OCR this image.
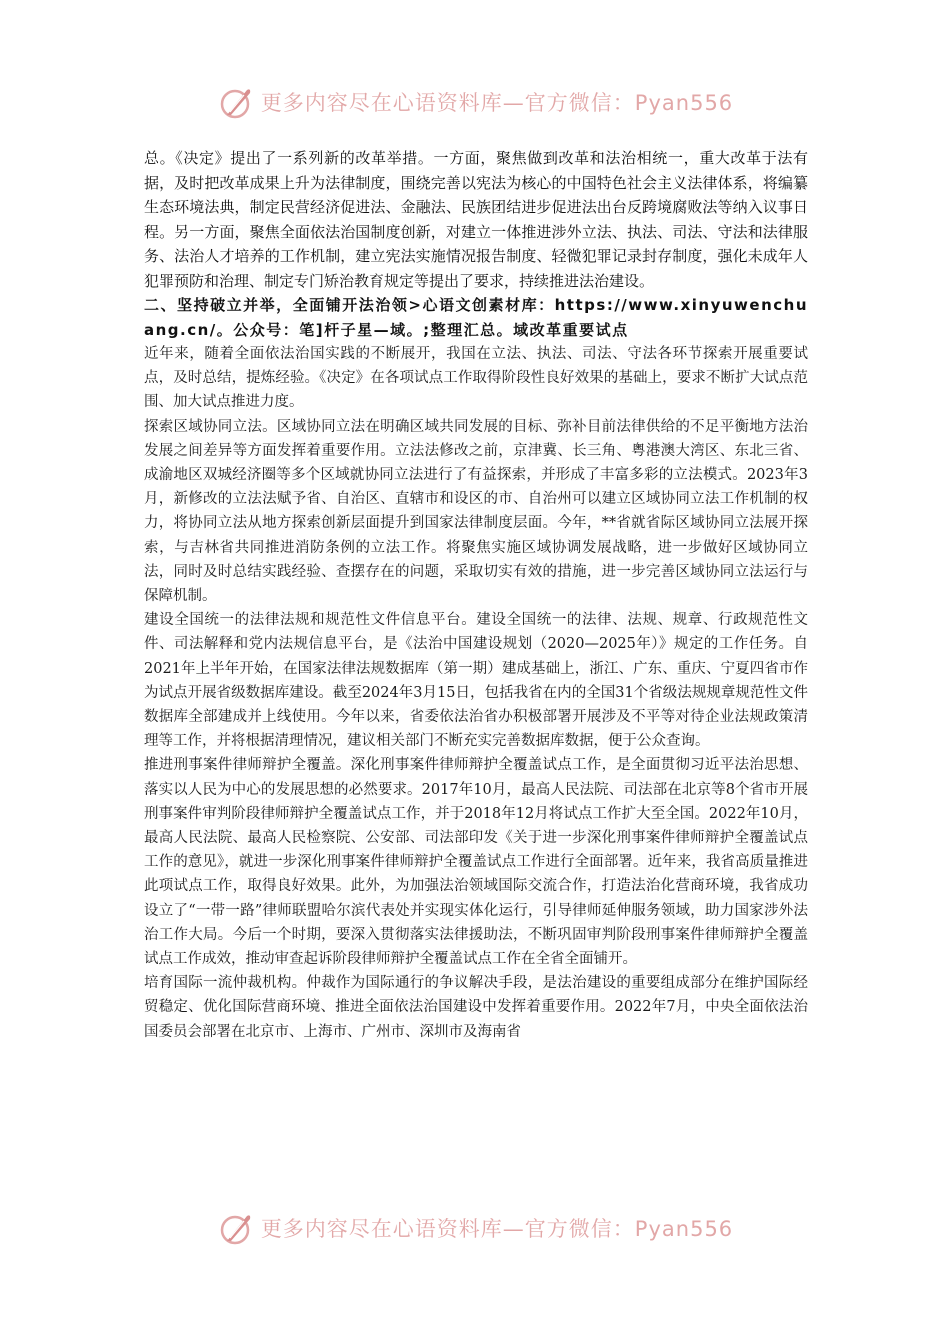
更多内容尽在心语资料库—官方微信：Pyan556

总。《决定》提出了一系列新的改革举措。一方面，聚焦做到改革和法治相统一，重大改革于法有据，及时把改革成果上升为法律制度，围绕完善以宪法为核心的中国特色社会主义法律体系，将编纂生态环境法典，制定民营经济促进法、金融法、民族团结进步促进法出台反跨境腐败法等纳入议事日程。另一方面，聚焦全面依法治国制度创新，对建立一体推进涉外立法、执法、司法、守法和法律服务、法治人才培养的工作机制，建立宪法实施情况报告制度、轻微犯罪记录封存制度，强化未成年人犯罪预防和治理、制定专门矫治教育规定等提出了要求，持续推进法治建设。

二、坚持破立并举，全面铺开法治领>心语文创素材库：https://www.xinyuwenchuang.cn/。公众号：笔]杆子星—域。;整理汇总。域改革重要试点

近年来，随着全面依法治国实践的不断展开，我国在立法、执法、司法、守法各环节探索开展重要试点，及时总结，提炼经验。《决定》在各项试点工作取得阶段性良好效果的基础上，要求不断扩大试点范围、加大试点推进力度。

探索区域协同立法。区域协同立法在明确区域共同发展的目标、弥补目前法律供给的不足平衡地方法治发展之间差异等方面发挥着重要作用。立法法修改之前，京津冀、长三角、粤港澳大湾区、东北三省、成渝地区双城经济圈等多个区域就协同立法进行了有益探索，并形成了丰富多彩的立法模式。2023年3月，新修改的立法法赋予省、自治区、直辖市和设区的市、自治州可以建立区域协同立法工作机制的权力，将协同立法从地方探索创新层面提升到国家法律制度层面。今年，**省就省际区域协同立法展开探索，与吉林省共同推进消防条例的立法工作。将聚焦实施区域协调发展战略，进一步做好区域协同立法，同时及时总结实践经验、查摆存在的问题，采取切实有效的措施，进一步完善区域协同立法运行与保障机制。

建设全国统一的法律法规和规范性文件信息平台。建设全国统一的法律、法规、规章、行政规范性文件、司法解释和党内法规信息平台，是《法治中国建设规划（2020—2025年）》规定的工作任务。自2021年上半年开始，在国家法律法规数据库（第一期）建成基础上，浙江、广东、重庆、宁夏四省市作为试点开展省级数据库建设。截至2024年3月15日，包括我省在内的全国31个省级法规规章规范性文件数据库全部建成并上线使用。今年以来，省委依法治省办积极部署开展涉及不平等对待企业法规政策清理等工作，并将根据清理情况，建议相关部门不断充实完善数据库数据，便于公众查询。

推进刑事案件律师辩护全覆盖。深化刑事案件律师辩护全覆盖试点工作，是全面贯彻习近平法治思想、落实以人民为中心的发展思想的必然要求。2017年10月，最高人民法院、司法部在北京等8个省市开展刑事案件审判阶段律师辩护全覆盖试点工作，并于2018年12月将试点工作扩大至全国。2022年10月，最高人民法院、最高人民检察院、公安部、司法部印发《关于进一步深化刑事案件律师辩护全覆盖试点工作的意见》，就进一步深化刑事案件律师辩护全覆盖试点工作进行全面部署。近年来，我省高质量推进此项试点工作，取得良好效果。此外，为加强法治领域国际交流合作，打造法治化营商环境，我省成功设立了“一带一路”律师联盟哈尔滨代表处并实现实体化运行，引导律师延伸服务领域，助力国家涉外法治工作大局。今后一个时期，要深入贯彻落实法律援助法，不断巩固审判阶段刑事案件律师辩护全覆盖试点工作成效，推动审查起诉阶段律师辩护全覆盖试点工作在全省全面铺开。

培育国际一流仲裁机构。仲裁作为国际通行的争议解决手段，是法治建设的重要组成部分在维护国际经贸稳定、优化国际营商环境、推进全面依法治国建设中发挥着重要作用。2022年7月，中央全面依法治国委员会部署在北京市、上海市、广州市、深圳市及海南省

更多内容尽在心语资料库—官方微信：Pyan556
